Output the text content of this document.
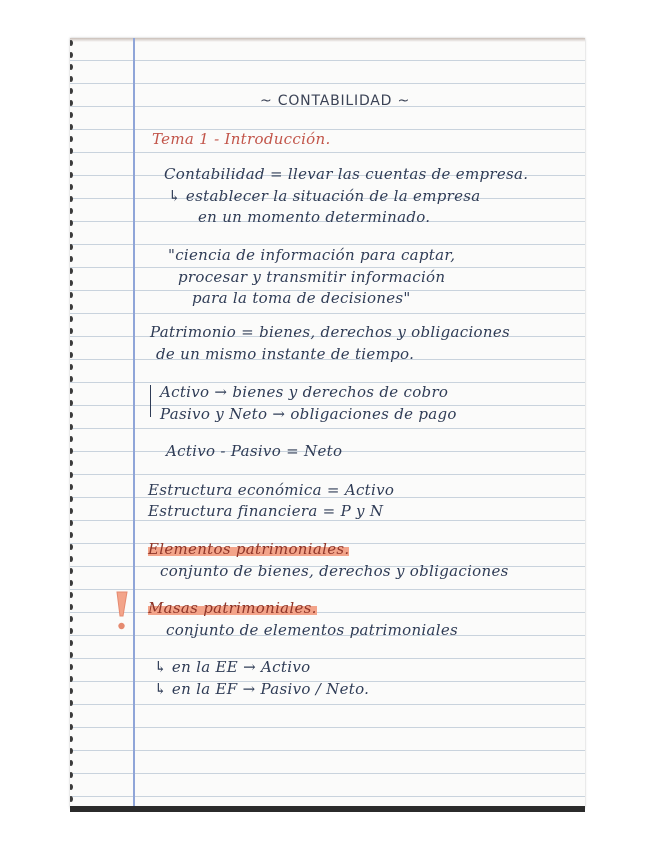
~ CONTABILIDAD ~
Tema 1 - Introducción.
Contabilidad = llevar las cuentas de empresa.
↳ establecer la situación de la empresa
en un momento determinado.
"ciencia de información para captar,
procesar y transmitir información
para la toma de decisiones"
Patrimonio = bienes, derechos y obligaciones
de un mismo instante de tiempo.
Activo → bienes y derechos de cobro
Pasivo y Neto → obligaciones de pago
Activo - Pasivo = Neto
Estructura económica = Activo
Estructura financiera = P y N
Elementos patrimoniales.
conjunto de bienes, derechos y obligaciones
Masas patrimoniales.
conjunto de elementos patrimoniales
↳ en la EE → Activo
↳ en la EF → Pasivo / Neto.
